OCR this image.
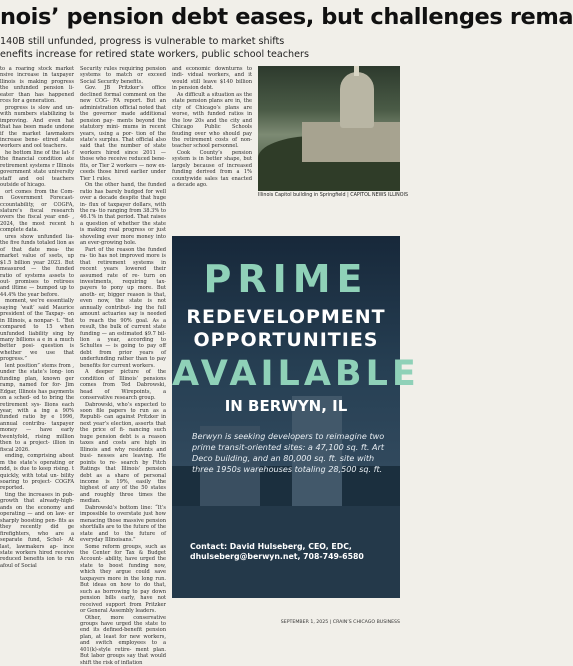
nois’ pension debt eases, but challenges rema
140B still unfunded, progress is vulnerable to market shifts
enefits increase for retired state workers, public school teachers

to a roaring stock market nsive increase in taxpayer llinois is making progress the unfunded pension li- eater than has happened rces for a generation.

progress is slow and un- with numbers stabilizing ts improving. And even hat that has been made undone if the market lawmakers increase bene- etired state workers and ool teachers.

he bottom line of the lat- f the financial condition ate retirement systems r Illinois government state university staff and ool teachers outside of hicago.

ort comes from the Com- n Government Forecast- ccountability, or COGFA, slature’s fiscal research overs the fiscal year end- , 2024, the most recent h complete data.

ures show unfunded lia- the five funds totaled lion as of that date mea- the market value of ssets, up $1.5 billion year 2023. But measured — the funded ratio of systems assets to out- promises to retirees and iltime — bumped up to 44.4% the year before.

moment, we’re essentially saying ‘wait’ said Maurice president of the Taxpay- on in Illinois, a nonpar- t. “But compared to 15 when unfunded liability sing by many billions a e in a much better posi- question is whether we use that progress.”

lent position” stems from , under the state’s long- ion funding plan, known ger ramp, named for for- Jim Edgar, Illinois has payments on a sched- ed to bring the retirement sys- llions each year, with a ing a 90% funded ratio by e 1996, annual contribu- taxpayer money — have early twentyfold, rising million then to a project- illion in fiscal 2026.

ending, comprising about m the state’s operating or ndd, is due to keep rising. t quickly, with total un- bility soaring to project- COGFA reported.

ting the increases in pub- growth that already-high- ands on the economy and operating — and on law- er sharply boosting pen- fits as they recently did ge firefighters, who are a separate fund, Schol- At last, lawmakers ap- ince state workers hired receive reduced benefits ion to run afoul of Social

Security rules requiring pension systems to match or exceed Social Security benefits.

Gov. JB Pritzker’s office declined formal comment on the new COG- FA report. But an administration official noted that the governor made additional pension pay- ments beyond the statutory mini- mums in recent years, using a por- tion of the state’s surplus. That official also said that the number of state workers hired since 2011 — those who receive reduced bene- fits, or Tier 2 workers — now ex- ceeds those hired earlier under Tier 1 rules.

On the other hand, the funded ratio has barely budged for well over a decade despite that huge in- flux of taxpayer dollars, with the ra- tio ranging from 38.3% to 46.1% in that period. That raises a question of whether the state is making real progress or just shoveling ever more money into an ever-growing hole.

Part of the reason the funded ra- tio has not improved more is that retirement systems in recent years lowered their assumed rate of re- turn on investments, requiring tax- payers to pony up more. But anoth- er, bigger reason is that, even now, the state is not annually contribut- ing the full amount actuaries say is needed to reach the 90% goal. As a result, the bulk of current state funding — an estimated $9.7 bil- lion a year, according to Schultes — is going to pay off debt from prior years of underfunding rather than to pay benefits for current workers.

A deeper picture of the condition of Illinois’ pensions comes from Ted Dabrowski, head of Wirepoints, a conservative research group.

Dabrowski, who’s expected to soon file papers to run as a Republi- can against Pritzker in next year’s election, asserts that the price of fi- nancing such huge pension debt is a reason taxes and costs are high in Illinois and why residents and busi- nesses are leaving. He points to re- search by Fitch Ratings that Illinois’ pension debt as a share of personal income is 19%, easily the highest of any of the 50 states and roughly three times the median.

Dabrowski’s bottom line: “It’s impossible to overstate just how menacing those massive pension shortfalls are to the future of the state and to the future of everyday Illinoisans.”

Some reform groups, such as the Center for Tax & Budget Account- ability, have urged the state to boost funding now, which they argue could save taxpayers more in the long run. But ideas on how to do that, such as borrowing to pay down pension bills early, have not received support from Pritzker or General Assembly leaders.

Other, more conservative groups have urged the state to end its defined-benefit pension plan, at least for new workers, and switch employees to a 401(k)-style retire- ment plan. But labor groups say that would shift the risk of inflation

and economic downturns to indi- vidual workers, and it would still leave $140 billion in pension debt.

As difficult a situation as the state pension plans are in, the city of Chicago’s plans are worse, with funded ratios in the low 20s and the city and Chicago Public Schools feuding over who should pay the retirement costs of non-teacher school personnel.

Cook County’s pension system is in better shape, but largely because of increased funding derived from a 1% countywide sales tax enacted a decade ago.

Illinois Capitol building in Springfield | CAPITOL NEWS ILLINOIS
PRIME
REDEVELOPMENT
OPPORTUNITIES
AVAILABLE
IN BERWYN, IL
Berwyn is seeking developers to reimagine two prime transit-oriented sites: a 47,100 sq. ft. Art Deco building, and an 80,000 sq. ft. site with three 1950s warehouses totaling 28,500 sq. ft.
Contact: David Hulseberg, CEO, EDC, dhulseberg@berwyn.net, 708-749-6580
SEPTEMBER 1, 2025 | CRAIN’S CHICAGO BUSINESS
